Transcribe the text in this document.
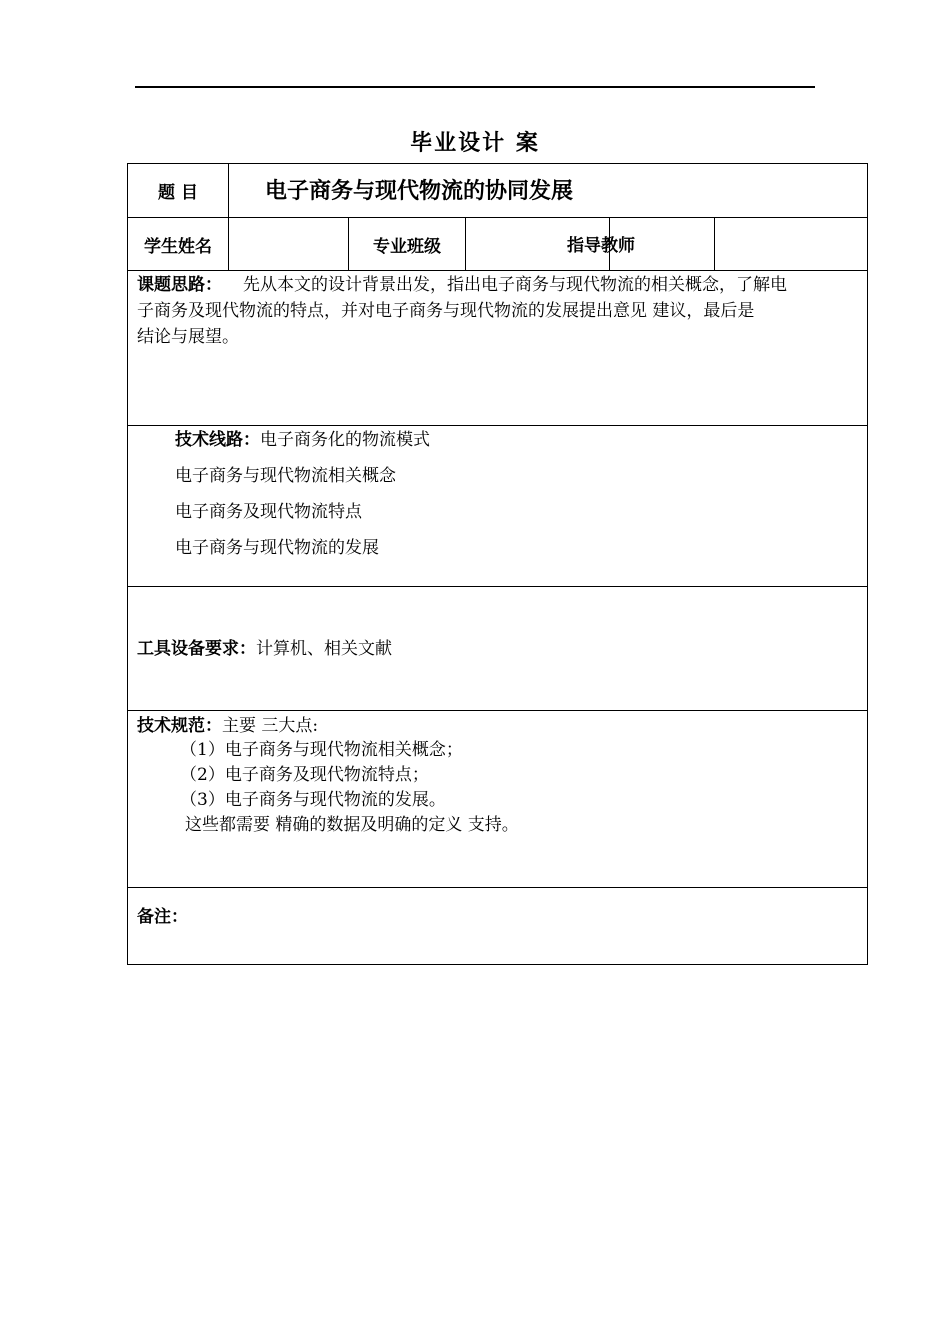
毕业设计 案
题 目	电子商务与现代物流的协同发展
学生姓名	专业班级	指导教师
课题思路： 先从本文的设计背景出发，指出电子商务与现代物流的相关概念，了解电
子商务及现代物流的特点，并对电子商务与现代物流的发展提出意见 建议，最后是
结论与展望。
技术线路：电子商务化的物流模式
电子商务与现代物流相关概念
电子商务及现代物流特点
电子商务与现代物流的发展
工具设备要求：计算机、相关文献
技术规范：主要 三大点:
（1）电子商务与现代物流相关概念；
（2）电子商务及现代物流特点；
（3）电子商务与现代物流的发展。
这些都需要 精确的数据及明确的定义 支持。
备注：
